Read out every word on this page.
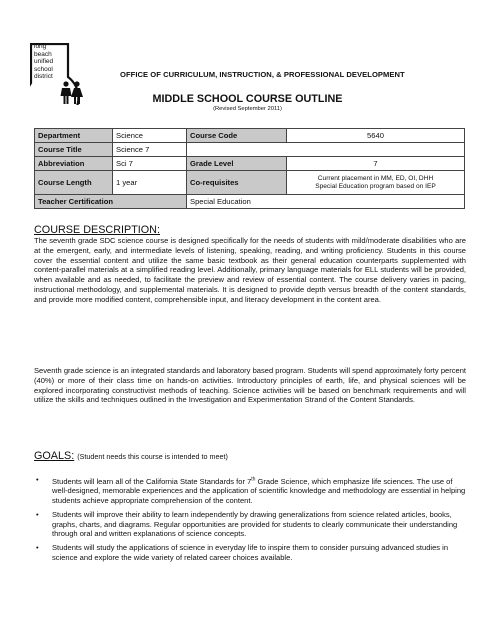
long
beach
unified
school
district	OFFICE OF CURRICULUM, INSTRUCTION, & PROFESSIONAL DEVELOPMENT
MIDDLE SCHOOL COURSE OUTLINE
(Revised September 2011)
Department	Science	Course Code	5640
Course Title	Science 7		
Abbreviation	Sci 7	Grade Level	7
Course Length	1 year	Co-requisites	Current placement in MM, ED, OI, DHH
Special Education program based on IEP

Teacher Certification		Special Education	
COURSE DESCRIPTION:
The seventh grade SDC science course is designed specifically for the needs of students with mild/moderate disabilities who are at the emergent, early, and intermediate levels of listening, speaking, reading, and writing proficiency. Students in this course cover the essential content and utilize the same basic textbook as their general education counterparts supplemented with content-parallel materials at a simplified reading level. Additionally, primary language materials for ELL students will be provided, when available and as needed, to facilitate the preview and review of essential content. The course delivery varies in pacing, instructional methodology, and supplemental materials. It is designed to provide depth versus breadth of the content standards, and provide more modified content, comprehensible input, and literacy development in the content area.
Seventh grade science is an integrated standards and laboratory based program. Students will spend approximately forty percent (40%) or more of their class time on hands-on activities. Introductory principles of earth, life, and physical sciences will be explored incorporating constructivist methods of teaching. Science activities will be based on benchmark requirements and will utilize the skills and techniques outlined in the Investigation and Experimentation Strand of the Content Standards.
GOALS: (Student needs this course is intended to meet)
• Students will learn all of the California State Standards for 7th Grade Science, which emphasize life sciences. The use of well-designed, memorable experiences and the application of scientific knowledge and methodology are essential in helping students achieve appropriate comprehension of the content.
• Students will improve their ability to learn independently by drawing generalizations from science related articles, books, graphs, charts, and diagrams. Regular opportunities are provided for students to clearly communicate their understanding through oral and written explanations of science concepts.
• Students will study the applications of science in everyday life to inspire them to consider pursuing advanced studies in science and explore the wide variety of related career choices available.
